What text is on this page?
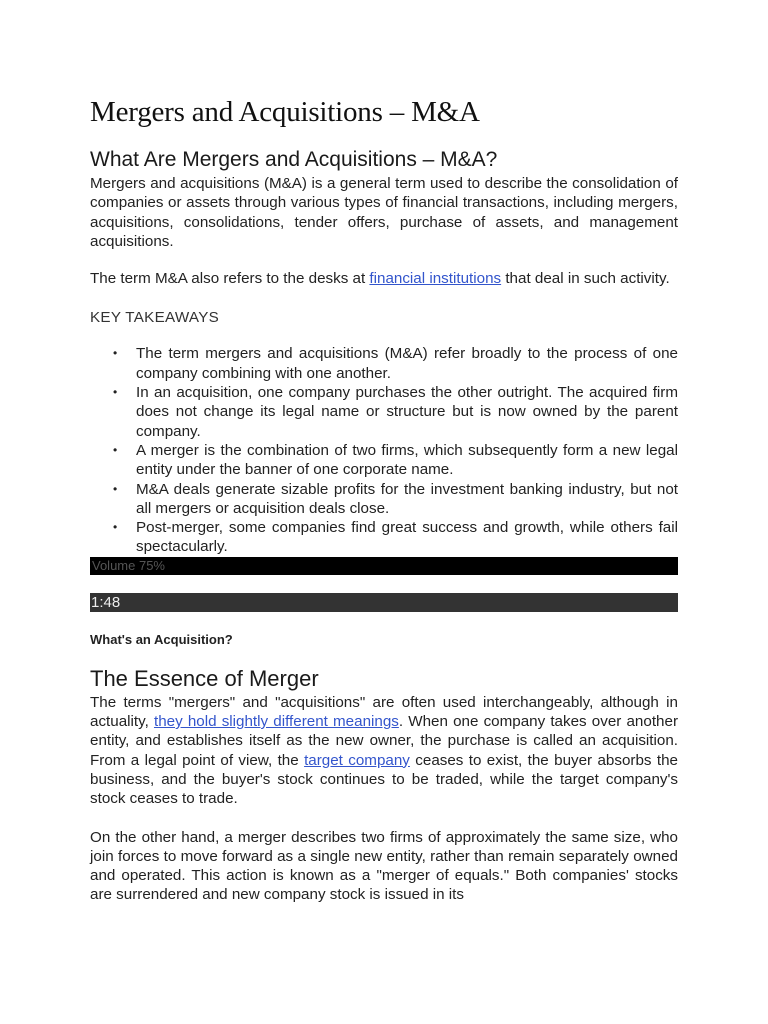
Mergers and Acquisitions – M&A
What Are Mergers and Acquisitions – M&A?

Mergers and acquisitions (M&A) is a general term used to describe the consolidation of companies or assets through various types of financial transactions, including mergers, acquisitions, consolidations, tender offers, purchase of assets, and management acquisitions.

The term M&A also refers to the desks at financial institutions that deal in such activity.

KEY TAKEAWAYS
• The term mergers and acquisitions (M&A) refer broadly to the process of one company combining with one another.
• In an acquisition, one company purchases the other outright. The acquired firm does not change its legal name or structure but is now owned by the parent company.
• A merger is the combination of two firms, which subsequently form a new legal entity under the banner of one corporate name.
• M&A deals generate sizable profits for the investment banking industry, but not all mergers or acquisition deals close.
• Post-merger, some companies find great success and growth, while others fail spectacularly.
Volume 75%
1:48
What's an Acquisition?
The Essence of Merger

The terms "mergers" and "acquisitions" are often used interchangeably, although in actuality, they hold slightly different meanings. When one company takes over another entity, and establishes itself as the new owner, the purchase is called an acquisition. From a legal point of view, the target company ceases to exist, the buyer absorbs the business, and the buyer's stock continues to be traded, while the target company's stock ceases to trade.

On the other hand, a merger describes two firms of approximately the same size, who join forces to move forward as a single new entity, rather than remain separately owned and operated. This action is known as a "merger of equals." Both companies' stocks are surrendered and new company stock is issued in its
